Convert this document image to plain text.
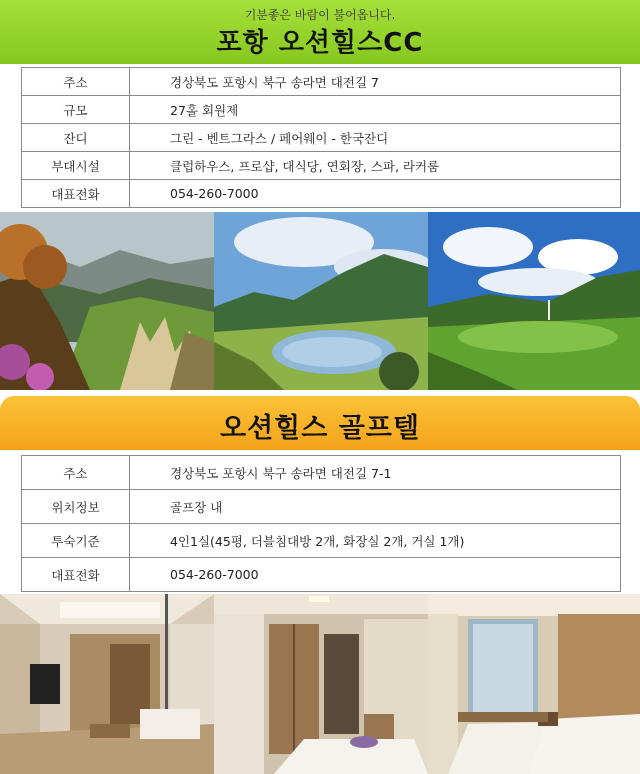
기분좋은 바람이 불어옵니다.
포항 오션힐스CC
주소	경상북도 포항시 북구 송라면 대전길 7
규모	27홀 회원제
잔디	그린 - 벤트그라스 / 페어웨이 - 한국잔디
부대시설	클럽하우스, 프로샵, 대식당, 연회장, 스파, 라커룸
대표전화	054-260-7000
오션힐스 골프텔
주소	경상북도 포항시 북구 송라면 대전길 7-1
위치정보	골프장 내
투숙기준	4인1실(45평, 더블침대방 2개, 화장실 2개, 거실 1개)
대표전화	054-260-7000
